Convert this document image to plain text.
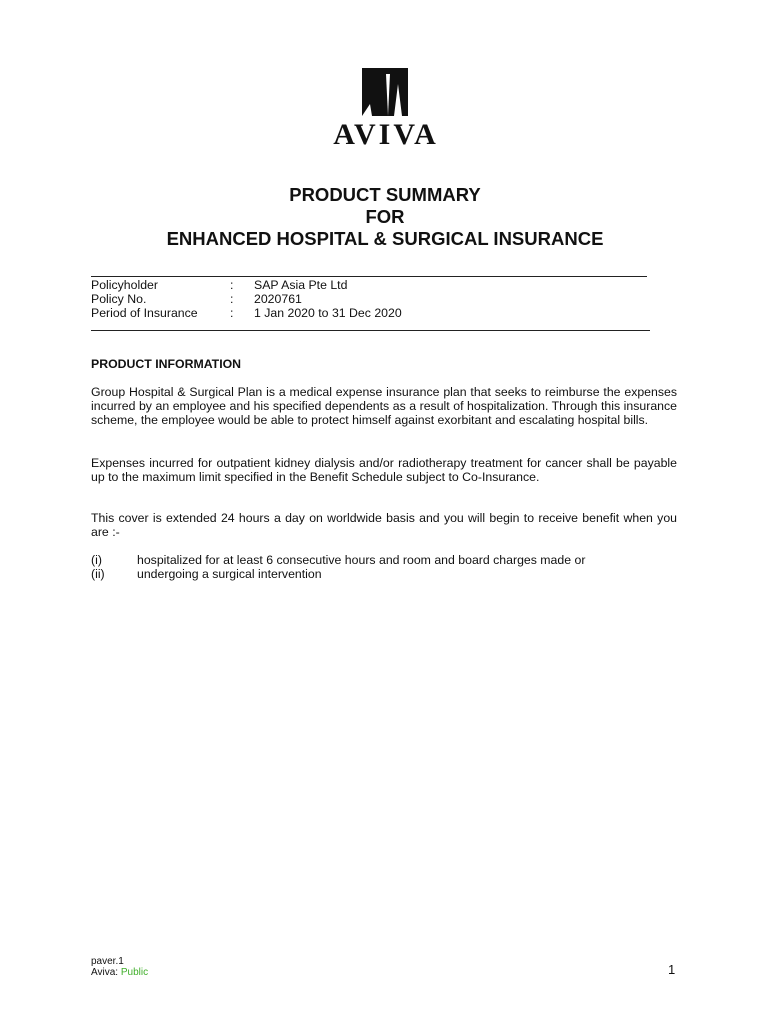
AVIVA
PRODUCT SUMMARY
FOR
ENHANCED HOSPITAL & SURGICAL INSURANCE
Policyholder	:	SAP Asia Pte Ltd
Policy No.	:	2020761
Period of Insurance	:	1 Jan 2020 to 31 Dec 2020
PRODUCT INFORMATION
Group Hospital & Surgical Plan is a medical expense insurance plan that seeks to reimburse the expenses incurred by an employee and his specified dependents as a result of hospitalization. Through this insurance scheme, the employee would be able to protect himself against exorbitant and escalating hospital bills.
Expenses incurred for outpatient kidney dialysis and/or radiotherapy treatment for cancer shall be payable up to the maximum limit specified in the Benefit Schedule subject to Co-Insurance.
This cover is extended 24 hours a day on worldwide basis and you will begin to receive benefit when you are :-
(i)	hospitalized for at least 6 consecutive hours and room and board charges made or
(ii)	undergoing a surgical intervention
paver.1
Aviva: Public	1
